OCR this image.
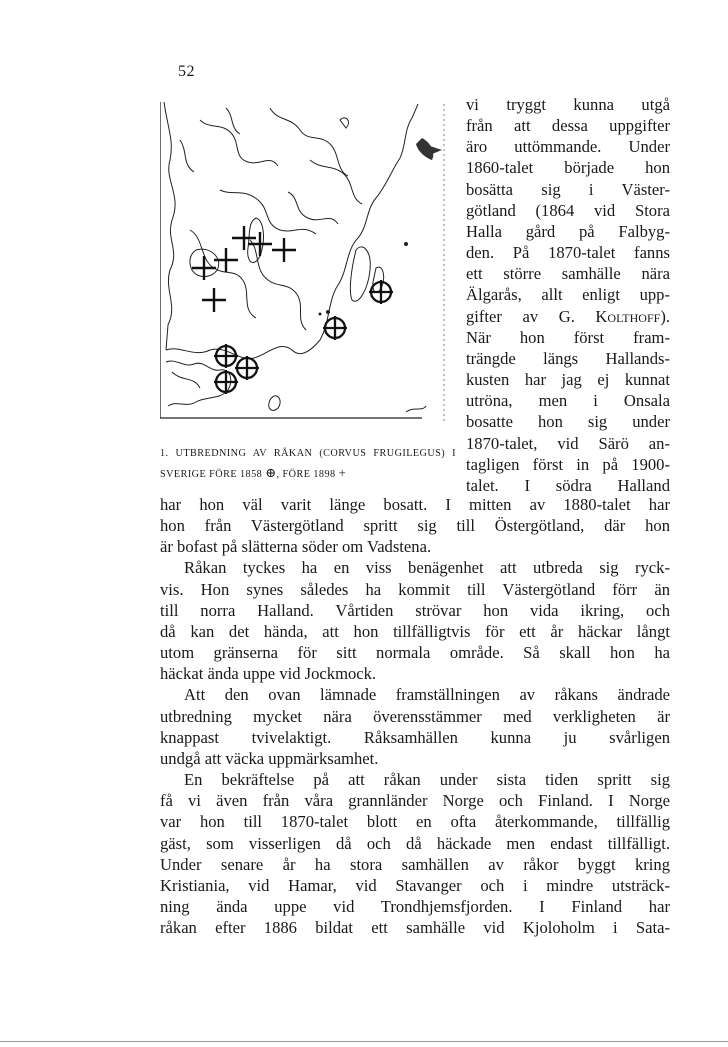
52
1. UTBREDNING AV RÅKAN (CORVUS FRUGILEGUS) I SVERIGE FÖRE 1858 ⊕, FÖRE 1898 +
vi tryggt kunna utgå
från att dessa uppgifter
äro uttömmande. Under
1860-talet började hon
bosätta sig i Väster-
götland (1864 vid Stora
Halla gård på Falbyg-
den. På 1870-talet fanns
ett större samhälle nära
Älgarås, allt enligt upp-
gifter av G. Kolthoff).
När hon först fram-
trängde längs Hallands-
kusten har jag ej kunnat
utröna, men i Onsala
bosatte hon sig under
1870-talet, vid Särö an-
tagligen först in på 1900-
talet. I södra Halland
har hon väl varit länge bosatt. I mitten av 1880-talet har
hon från Västergötland spritt sig till Östergötland, där hon
är bofast på slätterna söder om Vadstena.
Råkan tyckes ha en viss benägenhet att utbreda sig ryck-
vis. Hon synes således ha kommit till Västergötland förr än
till norra Halland. Vårtiden strövar hon vida ikring, och
då kan det hända, att hon tillfälligtvis för ett år häckar långt
utom gränserna för sitt normala område. Så skall hon ha
häckat ända uppe vid Jockmock.
Att den ovan lämnade framställningen av råkans ändrade
utbredning mycket nära överensstämmer med verkligheten är
knappast tvivelaktigt. Råksamhällen kunna ju svårligen
undgå att väcka uppmärksamhet.
En bekräftelse på att råkan under sista tiden spritt sig
få vi även från våra grannländer Norge och Finland. I Norge
var hon till 1870-talet blott en ofta återkommande, tillfällig
gäst, som visserligen då och då häckade men endast tillfälligt.
Under senare år ha stora samhällen av råkor byggt kring
Kristiania, vid Hamar, vid Stavanger och i mindre utsträck-
ning ända uppe vid Trondhjemsfjorden. I Finland har
råkan efter 1886 bildat ett samhälle vid Kjoloholm i Sata-
